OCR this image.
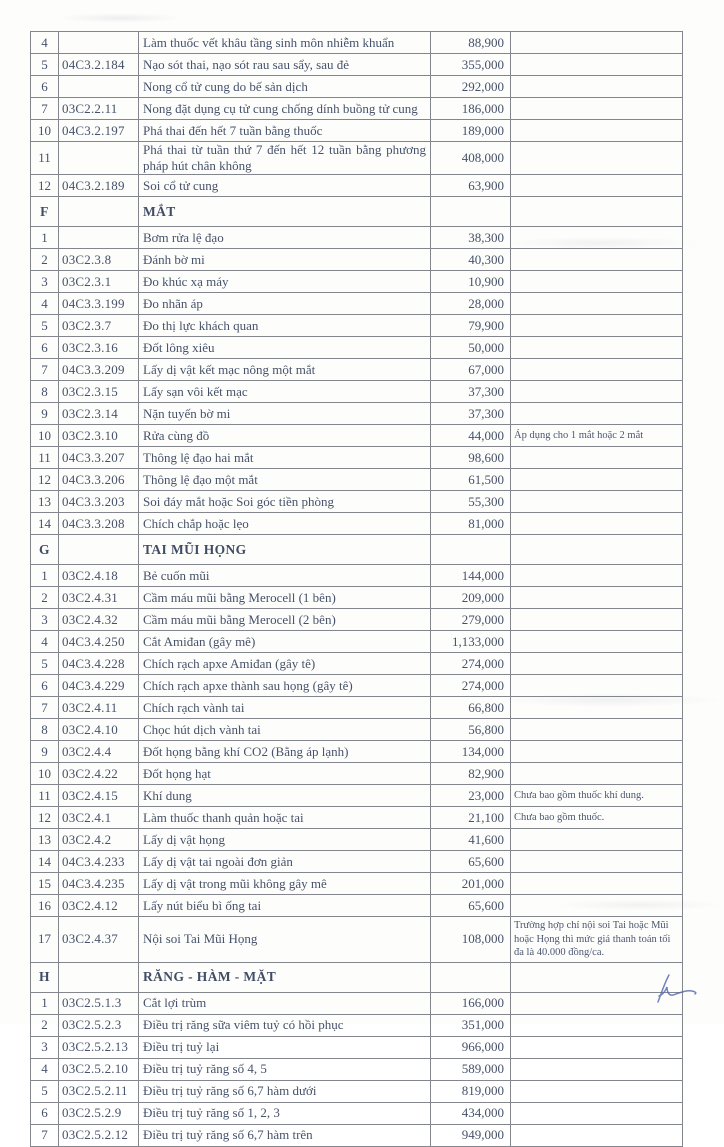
4		Làm thuốc vết khâu tầng sinh môn nhiễm khuẩn	88,900	
5	04C3.2.184	Nạo sót thai, nạo sót rau sau sẩy, sau đẻ	355,000	
6		Nong cổ tử cung do bế sản dịch	292,000	
7	03C2.2.11	Nong đặt dụng cụ tử cung chống dính buồng tử cung	186,000	
10	04C3.2.197	Phá thai đến hết 7 tuần bằng thuốc	189,000	
11		Phá thai từ tuần thứ 7 đến hết 12 tuần bằng phương pháp hút chân không	408,000	
12	04C3.2.189	Soi cổ tử cung	63,900	
F		MẮT		
1		Bơm rửa lệ đạo	38,300	
2	03C2.3.8	Đánh bờ mi	40,300	
3	03C2.3.1	Đo khúc xạ máy	10,900	
4	04C3.3.199	Đo nhãn áp	28,000	
5	03C2.3.7	Đo thị lực khách quan	79,900	
6	03C2.3.16	Đốt lông xiêu	50,000	
7	04C3.3.209	Lấy dị vật kết mạc nông một mắt	67,000	
8	03C2.3.15	Lấy sạn vôi kết mạc	37,300	
9	03C2.3.14	Nặn tuyến bờ mi	37,300	
10	03C2.3.10	Rửa cùng đồ	44,000	Áp dụng cho 1 mắt hoặc 2 mắt
11	04C3.3.207	Thông lệ đạo hai mắt	98,600	
12	04C3.3.206	Thông lệ đạo một mắt	61,500	
13	04C3.3.203	Soi đáy mắt hoặc Soi góc tiền phòng	55,300	
14	04C3.3.208	Chích chắp hoặc lẹo	81,000	
G		TAI MŨI HỌNG		
1	03C2.4.18	Bẻ cuốn mũi	144,000	
2	03C2.4.31	Cầm máu mũi bằng Merocell (1 bên)	209,000	
3	03C2.4.32	Cầm máu mũi bằng Merocell (2 bên)	279,000	
4	04C3.4.250	Cắt Amiđan (gây mê)	1,133,000	
5	04C3.4.228	Chích rạch apxe Amiđan (gây tê)	274,000	
6	04C3.4.229	Chích rạch apxe thành sau họng (gây tê)	274,000	
7	03C2.4.11	Chích rạch vành tai	66,800	
8	03C2.4.10	Chọc hút dịch vành tai	56,800	
9	03C2.4.4	Đốt họng bằng khí CO2 (Bằng áp lạnh)	134,000	
10	03C2.4.22	Đốt họng hạt	82,900	
11	03C2.4.15	Khí dung	23,000	Chưa bao gồm thuốc khí dung.
12	03C2.4.1	Làm thuốc thanh quản hoặc tai	21,100	Chưa bao gồm thuốc.
13	03C2.4.2	Lấy dị vật họng	41,600	
14	04C3.4.233	Lấy dị vật tai ngoài đơn giản	65,600	
15	04C3.4.235	Lấy dị vật trong mũi không gây mê	201,000	
16	03C2.4.12	Lấy nút biểu bì ống tai	65,600	
17	03C2.4.37	Nội soi Tai Mũi Họng	108,000	Trường hợp chỉ nội soi Tai hoặc Mũi hoặc Họng thì mức giá thanh toán tối đa là 40.000 đồng/ca.
H		RĂNG - HÀM - MẶT		
1	03C2.5.1.3	Cắt lợi trùm	166,000	
2	03C2.5.2.3	Điều trị răng sữa viêm tuỷ có hồi phục	351,000	
3	03C2.5.2.13	Điều trị tuỷ lại	966,000	
4	03C2.5.2.10	Điều trị tuỷ răng số 4, 5	589,000	
5	03C2.5.2.11	Điều trị tuỷ răng số 6,7 hàm dưới	819,000	
6	03C2.5.2.9	Điều trị tuỷ răng số 1, 2, 3	434,000	
7	03C2.5.2.12	Điều trị tuỷ răng số 6,7 hàm trên	949,000	
